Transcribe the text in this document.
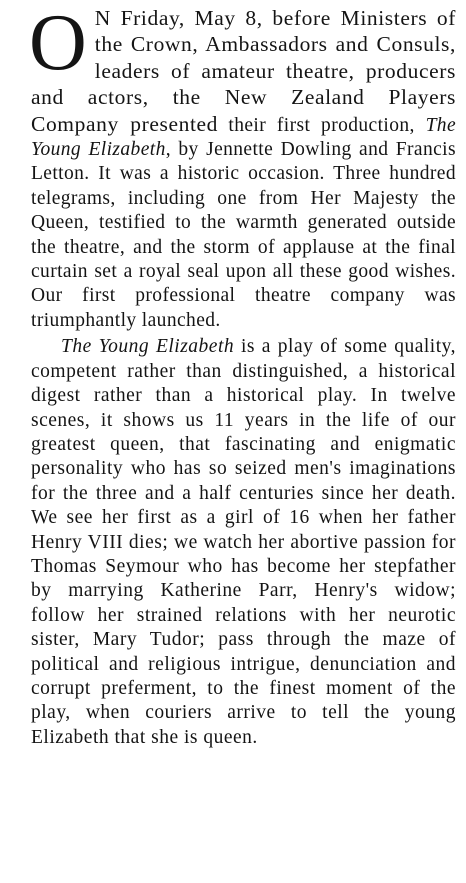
O N Friday, May 8, before Ministers of the Crown, Ambassadors and Consuls, leaders of amateur theatre, producers and actors, the New Zealand Players Company presented their first production, The Young Elizabeth, by Jennette Dowling and Francis Letton. It was a historic occasion. Three hundred telegrams, including one from Her Majesty the Queen, testified to the warmth generated outside the theatre, and the storm of applause at the final curtain set a royal seal upon all these good wishes. Our first professional theatre company was triumphantly launched.

The Young Elizabeth is a play of some quality, competent rather than distinguished, a historical digest rather than a historical play. In twelve scenes, it shows us 11 years in the life of our greatest queen, that fascinating and enigmatic personality who has so seized men's imaginations for the three and a half centuries since her death. We see her first as a girl of 16 when her father Henry VIII dies; we watch her abortive passion for Thomas Seymour who has become her stepfather by marrying Katherine Parr, Henry's widow; follow her strained relations with her neurotic sister, Mary Tudor; pass through the maze of political and religious intrigue, denunciation and corrupt preferment, to the finest moment of the play, when couriers arrive to tell the young Elizabeth that she is queen.
